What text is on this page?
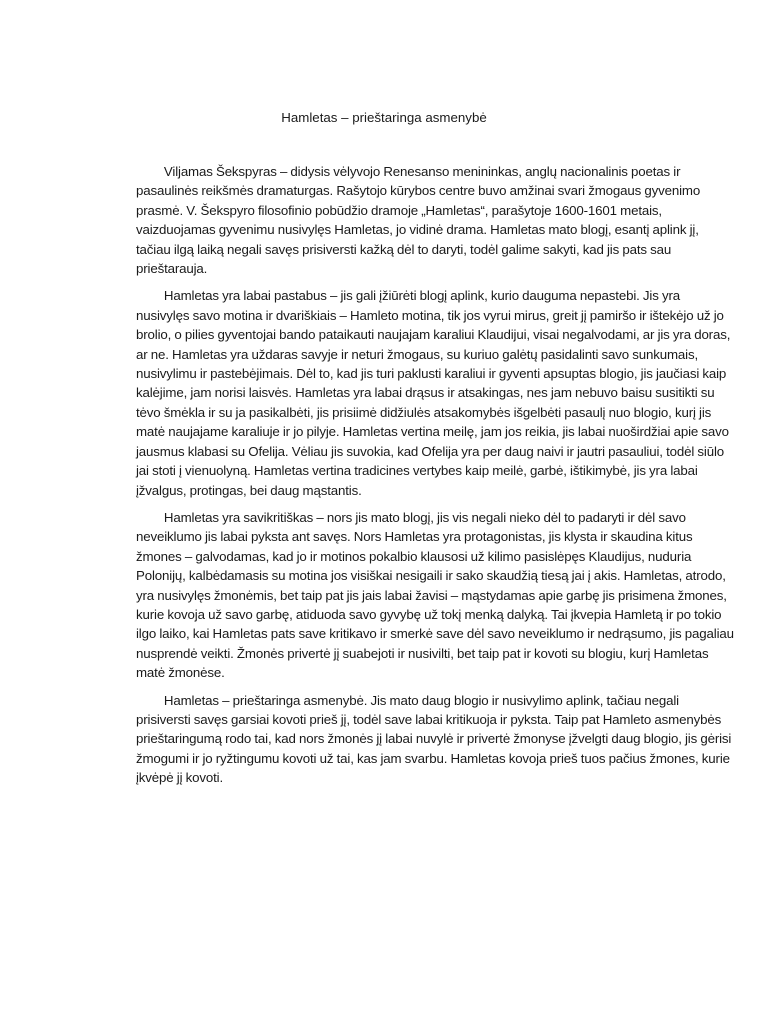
Hamletas – prieštaringa asmenybė

Viljamas Šekspyras – didysis vėlyvojo Renesanso menininkas, anglų nacionalinis poetas ir pasaulinės reikšmės dramaturgas. Rašytojo kūrybos centre buvo amžinai svari žmogaus gyvenimo prasmė. V. Šekspyro filosofinio pobūdžio dramoje „Hamletas“, parašytoje 1600-1601 metais, vaizduojamas gyvenimu nusivylęs Hamletas, jo vidinė drama. Hamletas mato blogį, esantį aplink jį, tačiau ilgą laiką negali savęs prisiversti kažką dėl to daryti, todėl galime sakyti, kad jis pats sau prieštarauja.

Hamletas yra labai pastabus – jis gali įžiūrėti blogį aplink, kurio dauguma nepastebi. Jis yra nusivylęs savo motina ir dvariškiais – Hamleto motina, tik jos vyrui mirus, greit jį pamiršo ir ištekėjo už jo brolio, o pilies gyventojai bando pataikauti naujajam karaliui Klaudijui, visai negalvodami, ar jis yra doras, ar ne. Hamletas yra uždaras savyje ir neturi žmogaus, su kuriuo galėtų pasidalinti savo sunkumais, nusivylimu ir pastebėjimais. Dėl to, kad jis turi paklusti karaliui ir gyventi apsuptas blogio, jis jaučiasi kaip kalėjime, jam norisi laisvės. Hamletas yra labai drąsus ir atsakingas, nes jam nebuvo baisu susitikti su tėvo šmėkla ir su ja pasikalbėti, jis prisiimė didžiulės atsakomybės išgelbėti pasaulį nuo blogio, kurį jis matė naujajame karaliuje ir jo pilyje. Hamletas vertina meilę, jam jos reikia, jis labai nuoširdžiai apie savo jausmus klabasi su Ofelija. Vėliau jis suvokia, kad Ofelija yra per daug naivi ir jautri pasauliui, todėl siūlo jai stoti į vienuolyną. Hamletas vertina tradicines vertybes kaip meilė, garbė, ištikimybė, jis yra labai įžvalgus, protingas, bei daug mąstantis.

Hamletas yra savikritiškas – nors jis mato blogį, jis vis negali nieko dėl to padaryti ir dėl savo neveiklumo jis labai pyksta ant savęs. Nors Hamletas yra protagonistas, jis klysta ir skaudina kitus žmones – galvodamas, kad jo ir motinos pokalbio klausosi už kilimo pasislėpęs Klaudijus, nuduria Polonijų, kalbėdamasis su motina jos visiškai nesigaili ir sako skaudžią tiesą jai į akis. Hamletas, atrodo, yra nusivylęs žmonėmis, bet taip pat jis jais labai žavisi – mąstydamas apie garbę jis prisimena žmones, kurie kovoja už savo garbę, atiduoda savo gyvybę už tokį menką dalyką. Tai įkvepia Hamletą ir po tokio ilgo laiko, kai Hamletas pats save kritikavo ir smerkė save dėl savo neveiklumo ir nedrąsumo, jis pagaliau nusprendė veikti. Žmonės privertė jį suabejoti ir nusivilti, bet taip pat ir kovoti su blogiu, kurį Hamletas matė žmonėse.

Hamletas – prieštaringa asmenybė. Jis mato daug blogio ir nusivylimo aplink, tačiau negali prisiversti savęs garsiai kovoti prieš jį, todėl save labai kritikuoja ir pyksta. Taip pat Hamleto asmenybės prieštaringumą rodo tai, kad nors žmonės jį labai nuvylė ir privertė žmonyse įžvelgti daug blogio, jis gėrisi žmogumi ir jo ryžtingumu kovoti už tai, kas jam svarbu. Hamletas kovoja prieš tuos pačius žmones, kurie įkvėpė jį kovoti.
